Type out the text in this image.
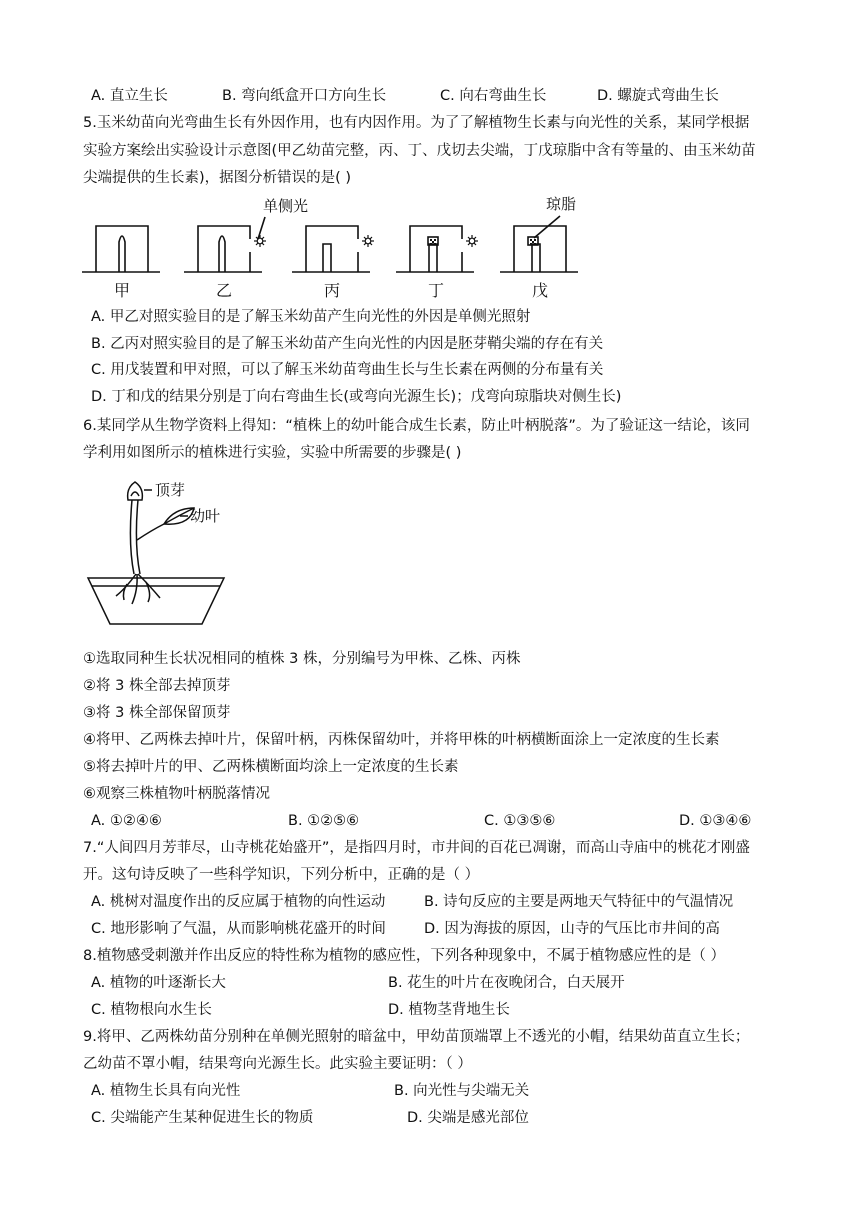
A. 直立生长	B. 弯向纸盒开口方向生长	C. 向右弯曲生长	D. 螺旋式弯曲生长
5.玉米幼苗向光弯曲生长有外因作用，也有内因作用。为了了解植物生长素与向光性的关系，某同学根据
实验方案绘出实验设计示意图(甲乙幼苗完整，丙、丁、戊切去尖端，丁戊琼脂中含有等量的、由玉米幼苗
尖端提供的生长素)，据图分析错误的是( )
单侧光	琼脂
甲	乙	丙	丁	戊
A. 甲乙对照实验目的是了解玉米幼苗产生向光性的外因是单侧光照射
B. 乙丙对照实验目的是了解玉米幼苗产生向光性的内因是胚芽鞘尖端的存在有关
C. 用戊装置和甲对照，可以了解玉米幼苗弯曲生长与生长素在两侧的分布量有关
D. 丁和戊的结果分别是丁向右弯曲生长(或弯向光源生长)；戊弯向琼脂块对侧生长)
6.某同学从生物学资料上得知：“植株上的幼叶能合成生长素，防止叶柄脱落”。为了验证这一结论，该同
学利用如图所示的植株进行实验，实验中所需要的步骤是( )
顶芽
幼叶
①选取同种生长状况相同的植株 3 株，分别编号为甲株、乙株、丙株
②将 3 株全部去掉顶芽
③将 3 株全部保留顶芽
④将甲、乙两株去掉叶片，保留叶柄，丙株保留幼叶，并将甲株的叶柄横断面涂上一定浓度的生长素
⑤将去掉叶片的甲、乙两株横断面均涂上一定浓度的生长素
⑥观察三株植物叶柄脱落情况
A. ①②④⑥	B. ①②⑤⑥	C. ①③⑤⑥	D. ①③④⑥
7.“人间四月芳菲尽，山寺桃花始盛开”，是指四月时，市井间的百花已凋谢，而高山寺庙中的桃花才刚盛
开。这句诗反映了一些科学知识，下列分析中，正确的是（ ）
A. 桃树对温度作出的反应属于植物的向性运动	B. 诗句反应的主要是两地天气特征中的气温情况
C. 地形影响了气温，从而影响桃花盛开的时间	D. 因为海拔的原因，山寺的气压比市井间的高
8.植物感受刺激并作出反应的特性称为植物的感应性，下列各种现象中，不属于植物感应性的是（ ）
A. 植物的叶逐渐长大	B. 花生的叶片在夜晚闭合，白天展开
C. 植物根向水生长	D. 植物茎背地生长
9.将甲、乙两株幼苗分别种在单侧光照射的暗盆中，甲幼苗顶端罩上不透光的小帽，结果幼苗直立生长；
乙幼苗不罩小帽，结果弯向光源生长。此实验主要证明：（ ）
A. 植物生长具有向光性	B. 向光性与尖端无关
C. 尖端能产生某种促进生长的物质	D. 尖端是感光部位
